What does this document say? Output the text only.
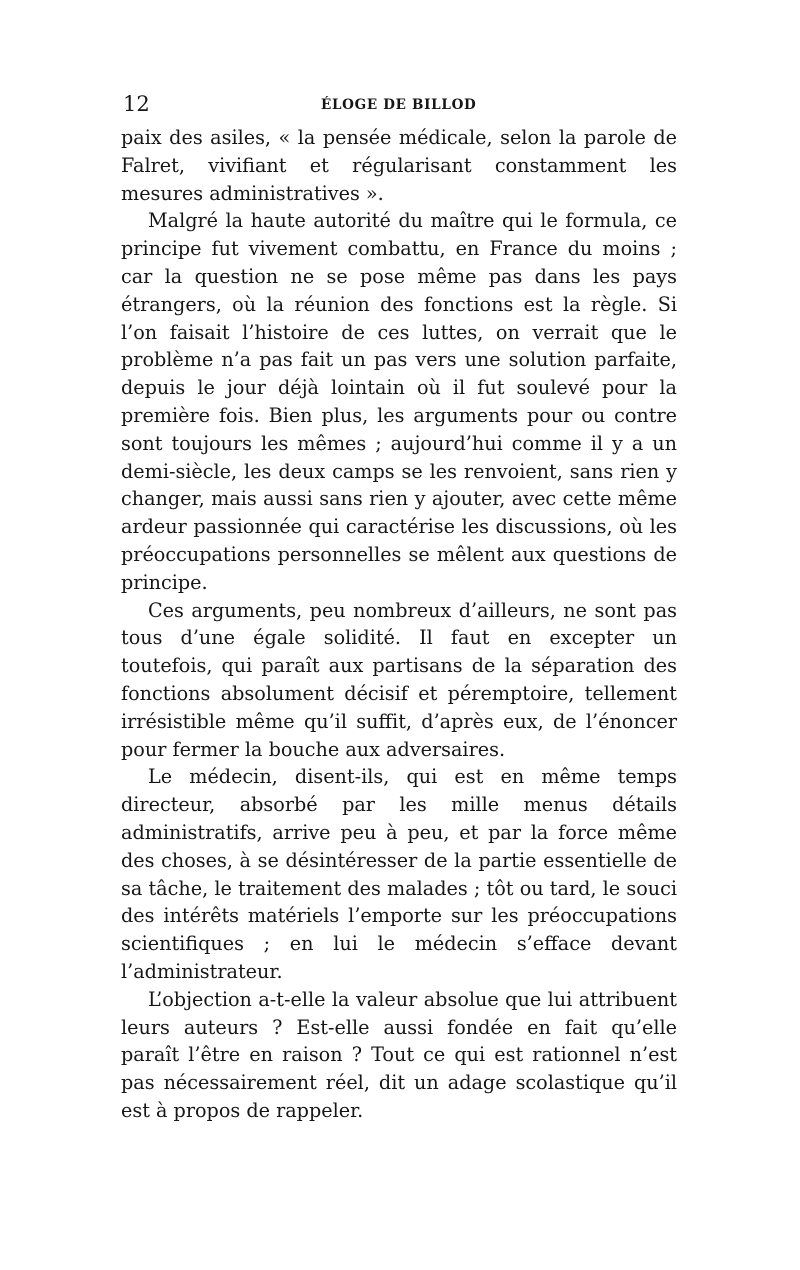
12	ÉLOGE DE BILLOD

paix des asiles, « la pensée médicale, selon la parole de Falret, vivifiant et régularisant constamment les mesures administratives ».

Malgré la haute autorité du maître qui le formula, ce principe fut vivement combattu, en France du moins ; car la question ne se pose même pas dans les pays étrangers, où la réunion des fonctions est la règle. Si l’on faisait l’histoire de ces luttes, on verrait que le problème n’a pas fait un pas vers une solution parfaite, depuis le jour déjà lointain où il fut soulevé pour la première fois. Bien plus, les arguments pour ou contre sont toujours les mêmes ; aujourd’hui comme il y a un demi-siècle, les deux camps se les renvoient, sans rien y changer, mais aussi sans rien y ajouter, avec cette même ardeur passionnée qui caractérise les discussions, où les préoccupations personnelles se mêlent aux questions de principe.

Ces arguments, peu nombreux d’ailleurs, ne sont pas tous d’une égale solidité. Il faut en excepter un toutefois, qui paraît aux partisans de la séparation des fonctions absolument décisif et péremptoire, tellement irrésistible même qu’il suffit, d’après eux, de l’énoncer pour fermer la bouche aux adversaires.

Le médecin, disent-ils, qui est en même temps directeur, absorbé par les mille menus détails administratifs, arrive peu à peu, et par la force même des choses, à se désintéresser de la partie essentielle de sa tâche, le traitement des malades ; tôt ou tard, le souci des intérêts matériels l’emporte sur les préoccupations scientifiques ; en lui le médecin s’efface devant l’administrateur.

L’objection a-t-elle la valeur absolue que lui attribuent leurs auteurs ? Est-elle aussi fondée en fait qu’elle paraît l’être en raison ? Tout ce qui est rationnel n’est pas nécessairement réel, dit un adage scolastique qu’il est à propos de rappeler.
